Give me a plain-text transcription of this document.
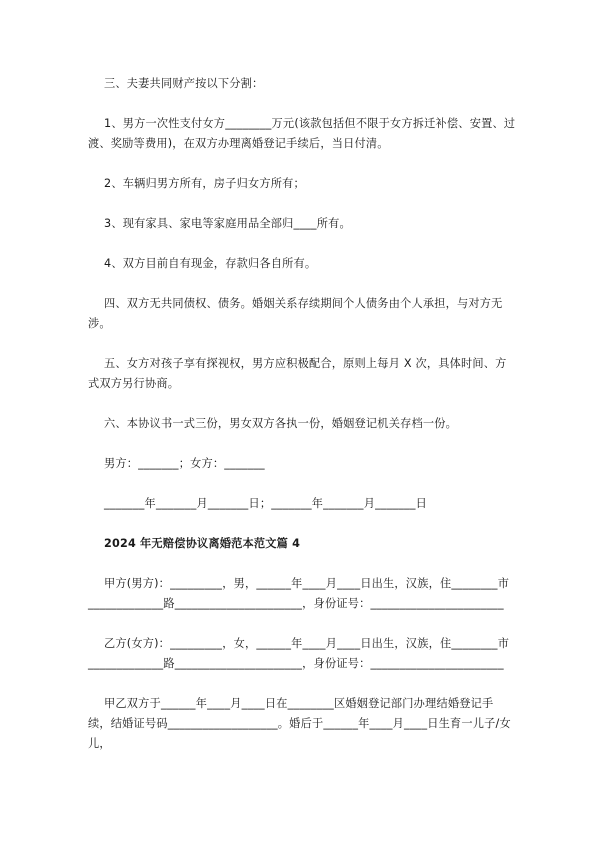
三、夫妻共同财产按以下分割：

1、男方一次性支付女方________万元(该款包括但不限于女方拆迁补偿、安置、过渡、奖励等费用)，在双方办理离婚登记手续后，当日付清。

2、车辆归男方所有，房子归女方所有；

3、现有家具、家电等家庭用品全部归____所有。

4、双方目前自有现金，存款归各自所有。

四、双方无共同债权、债务。婚姻关系存续期间个人债务由个人承担，与对方无涉。

五、女方对孩子享有探视权，男方应积极配合，原则上每月 X 次，具体时间、方式双方另行协商。

六、本协议书一式三份，男女双方各执一份，婚姻登记机关存档一份。

男方：_______；女方：_______

_______年_______月_______日；_______年_______月_______日

2024 年无赔偿协议离婚范本范文篇 4

甲方(男方)：_________，男，______年____月____日出生，汉族，住________市_____________路______________________，身份证号：_______________________

乙方(女方)：_________，女，______年____月____日出生，汉族，住________市_____________路______________________，身份证号：_______________________

甲乙双方于______年____月____日在________区婚姻登记部门办理结婚登记手续，结婚证号码___________________。婚后于______年____月____日生育一儿子/女儿，
